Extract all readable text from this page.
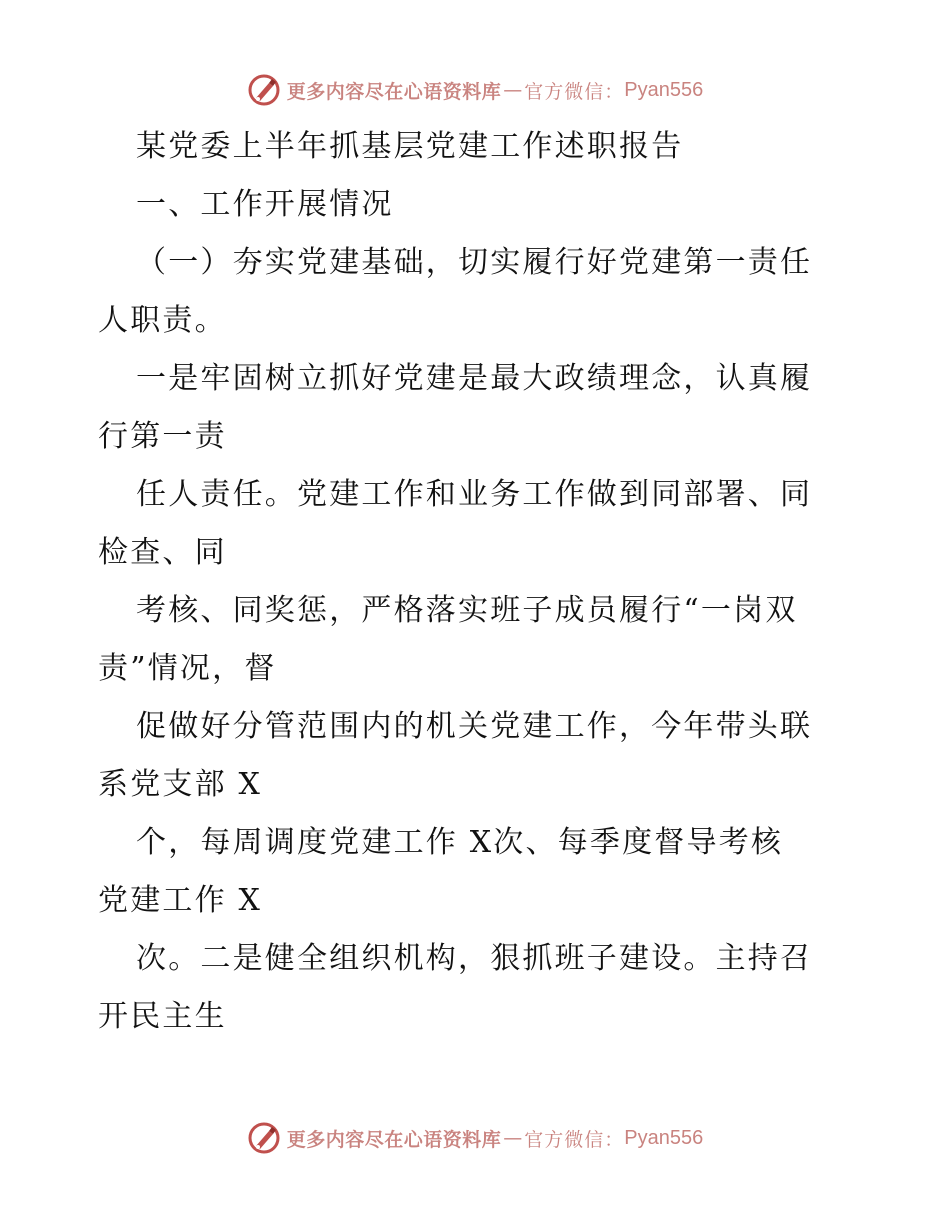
更多内容尽在心语资料库 — 官方微信： Pyan556
某党委上半年抓基层党建工作述职报告
一、工作开展情况
（一）夯实党建基础，切实履行好党建第一责任
人职责。
一是牢固树立抓好党建是最大政绩理念，认真履
行第一责
任人责任。党建工作和业务工作做到同部署、同
检查、同
考核、同奖惩，严格落实班子成员履行“一岗双
责”情况，督
促做好分管范围内的机关党建工作，今年带头联
系党支部 X
个，每周调度党建工作 X次、每季度督导考核
党建工作 X
次。二是健全组织机构，狠抓班子建设。主持召
开民主生
更多内容尽在心语资料库 — 官方微信： Pyan556
